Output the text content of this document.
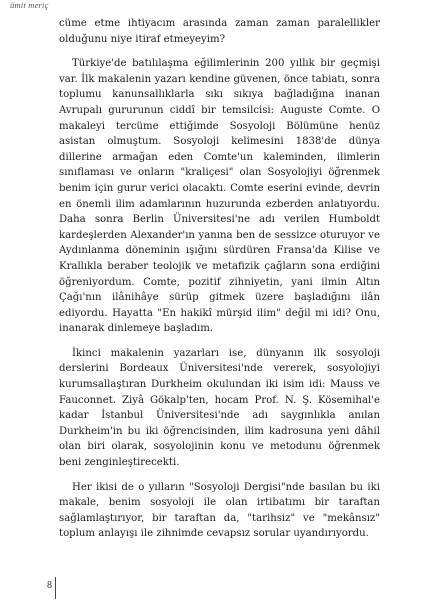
ümit meriç

cüme etme ihtiyacım arasında zaman zaman paralellikler olduğunu niye itiraf etmeyeyim?

Türkiye'de batılılaşma eğilimlerinin 200 yıllık bir geçmişi var. İlk makalenin yazarı kendine güvenen, önce tabiatı, sonra toplumu kanunsallıklarla sıkı sıkıya bağladığına inanan Avrupalı gururunun ciddî bir temsilcisi: Auguste Comte. O makaleyi tercüme ettiğimde Sosyoloji Bölümüne henüz asistan olmuştum. Sosyoloji kelimesini 1838'de dünya dillerine armağan eden Comte'un kaleminden, ilimlerin sınıflaması ve onların "kraliçesi" olan Sosyolojiyi öğrenmek benim için gurur verici olacaktı. Comte eserini evinde, devrin en önemli ilim adamlarının huzurunda ezberden anlatıyordu. Daha sonra Berlin Üniversitesi'ne adı verilen Humboldt kardeşlerden Alexander'ın yanına ben de sessizce oturuyor ve Aydınlanma döneminin ışığını sürdüren Fransa'da Kilise ve Krallıkla beraber teolojik ve metafizik çağların sona erdiğini öğreniyordum. Comte, pozitif zihniyetin, yani ilmin Altın Çağı'nın ilânihâye sürüp gitmek üzere başladığını ilân ediyordu. Hayatta "En hakikî mürşid ilim" değil mi idi? Onu, inanarak dinlemeye başladım.

İkinci makalenin yazarları ise, dünyanın ilk sosyoloji derslerini Bordeaux Üniversitesi'nde vererek, sosyolojiyi kurumsallaştıran Durkheim okulundan iki isim idi: Mauss ve Fauconnet. Ziyâ Gökalp'ten, hocam Prof. N. Ş. Kösemihal'e kadar İstanbul Üniversitesi'nde adı saygınlıkla anılan Durkheim'in bu iki öğrencisinden, ilim kadrosuna yeni dâhil olan biri olarak, sosyolojinin konu ve metodunu öğrenmek beni zenginleştirecekti.

Her ikisi de o yılların "Sosyoloji Dergisi"nde basılan bu iki makale, benim sosyoloji ile olan irtibatımı bir taraftan sağlamlaştırıyor, bir taraftan da, "tarihsiz" ve "mekânsız" toplum anlayışı ile zihnimde cevapsız sorular uyandırıyordu.

8
